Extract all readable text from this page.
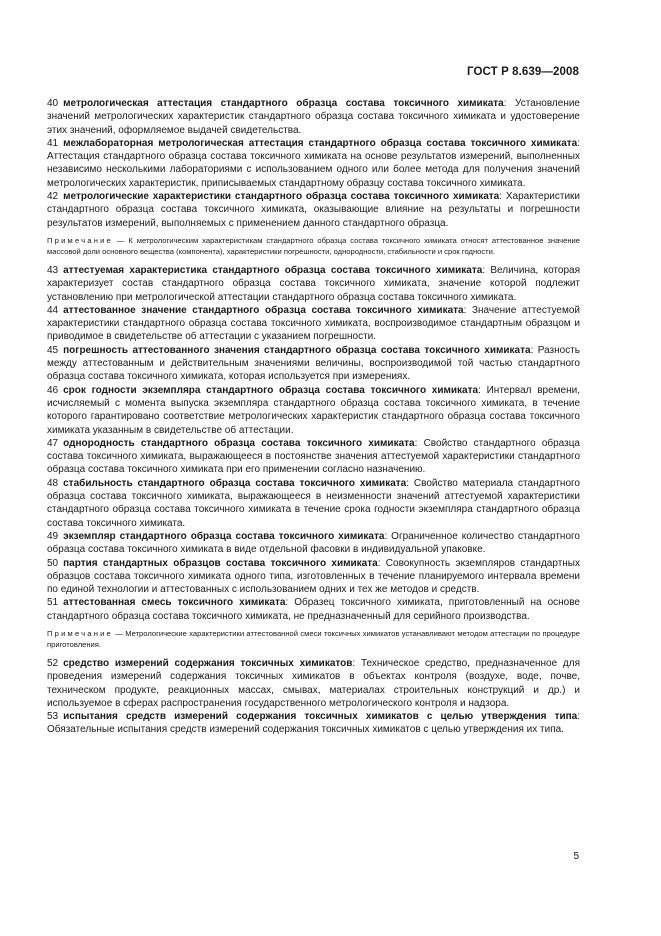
ГОСТ Р 8.639—2008

40 метрологическая аттестация стандартного образца состава токсичного химиката: Установление значений метрологических характеристик стандартного образца состава токсичного химиката и удостоверение этих значений, оформляемое выдачей свидетельства.

41 межлабораторная метрологическая аттестация стандартного образца состава токсичного химиката: Аттестация стандартного образца состава токсичного химиката на основе результатов измерений, выполненных независимо несколькими лабораториями с использованием одного или более метода для получения значений метрологических характеристик, приписываемых стандартному образцу состава токсичного химиката.

42 метрологические характеристики стандартного образца состава токсичного химиката: Характеристики стандартного образца состава токсичного химиката, оказывающие влияние на результаты и погрешности результатов измерений, выполняемых с применением данного стандартного образца.

Примечание — К метрологическим характеристикам стандартного образца состава токсичного химиката относят аттестованное значение массовой доли основного вещества (компонента), характеристики погрешности, однородности, стабильности и срок годности.

43 аттестуемая характеристика стандартного образца состава токсичного химиката: Величина, которая характеризует состав стандартного образца состава токсичного химиката, значение которой подлежит установлению при метрологической аттестации стандартного образца состава токсичного химиката.

44 аттестованное значение стандартного образца состава токсичного химиката: Значение аттестуемой характеристики стандартного образца состава токсичного химиката, воспроизводимое стандартным образцом и приводимое в свидетельстве об аттестации с указанием погрешности.

45 погрешность аттестованного значения стандартного образца состава токсичного химиката: Разность между аттестованным и действительным значениями величины, воспроизводимой той частью стандартного образца состава токсичного химиката, которая используется при измерениях.

46 срок годности экземпляра стандартного образца состава токсичного химиката: Интервал времени, исчисляемый с момента выпуска экземпляра стандартного образца состава токсичного химиката, в течение которого гарантировано соответствие метрологических характеристик стандартного образца состава токсичного химиката указанным в свидетельстве об аттестации.

47 однородность стандартного образца состава токсичного химиката: Свойство стандартного образца состава токсичного химиката, выражающееся в постоянстве значения аттестуемой характеристики стандартного образца состава токсичного химиката при его применении согласно назначению.

48 стабильность стандартного образца состава токсичного химиката: Свойство материала стандартного образца состава токсичного химиката, выражающееся в неизменности значений аттестуемой характеристики стандартного образца состава токсичного химиката в течение срока годности экземпляра стандартного образца состава токсичного химиката.

49 экземпляр стандартного образца состава токсичного химиката: Ограниченное количество стандартного образца состава токсичного химиката в виде отдельной фасовки в индивидуальной упаковке.

50 партия стандартных образцов состава токсичного химиката: Совокупность экземпляров стандартных образцов состава токсичного химиката одного типа, изготовленных в течение планируемого интервала времени по единой технологии и аттестованных с использованием одних и тех же методов и средств.

51 аттестованная смесь токсичного химиката: Образец токсичного химиката, приготовленный на основе стандартного образца состава токсичного химиката, не предназначенный для серийного производства.

Примечание — Метрологические характеристики аттестованной смеси токсичных химикатов устанавливают методом аттестации по процедуре приготовления.

52 средство измерений содержания токсичных химикатов: Техническое средство, предназначенное для проведения измерений содержания токсичных химикатов в объектах контроля (воздухе, воде, почве, техническом продукте, реакционных массах, смывах, материалах строительных конструкций и др.) и используемое в сферах распространения государственного метрологического контроля и надзора.

53 испытания средств измерений содержания токсичных химикатов с целью утверждения типа: Обязательные испытания средств измерений содержания токсичных химикатов с целью утверждения их типа.

5
